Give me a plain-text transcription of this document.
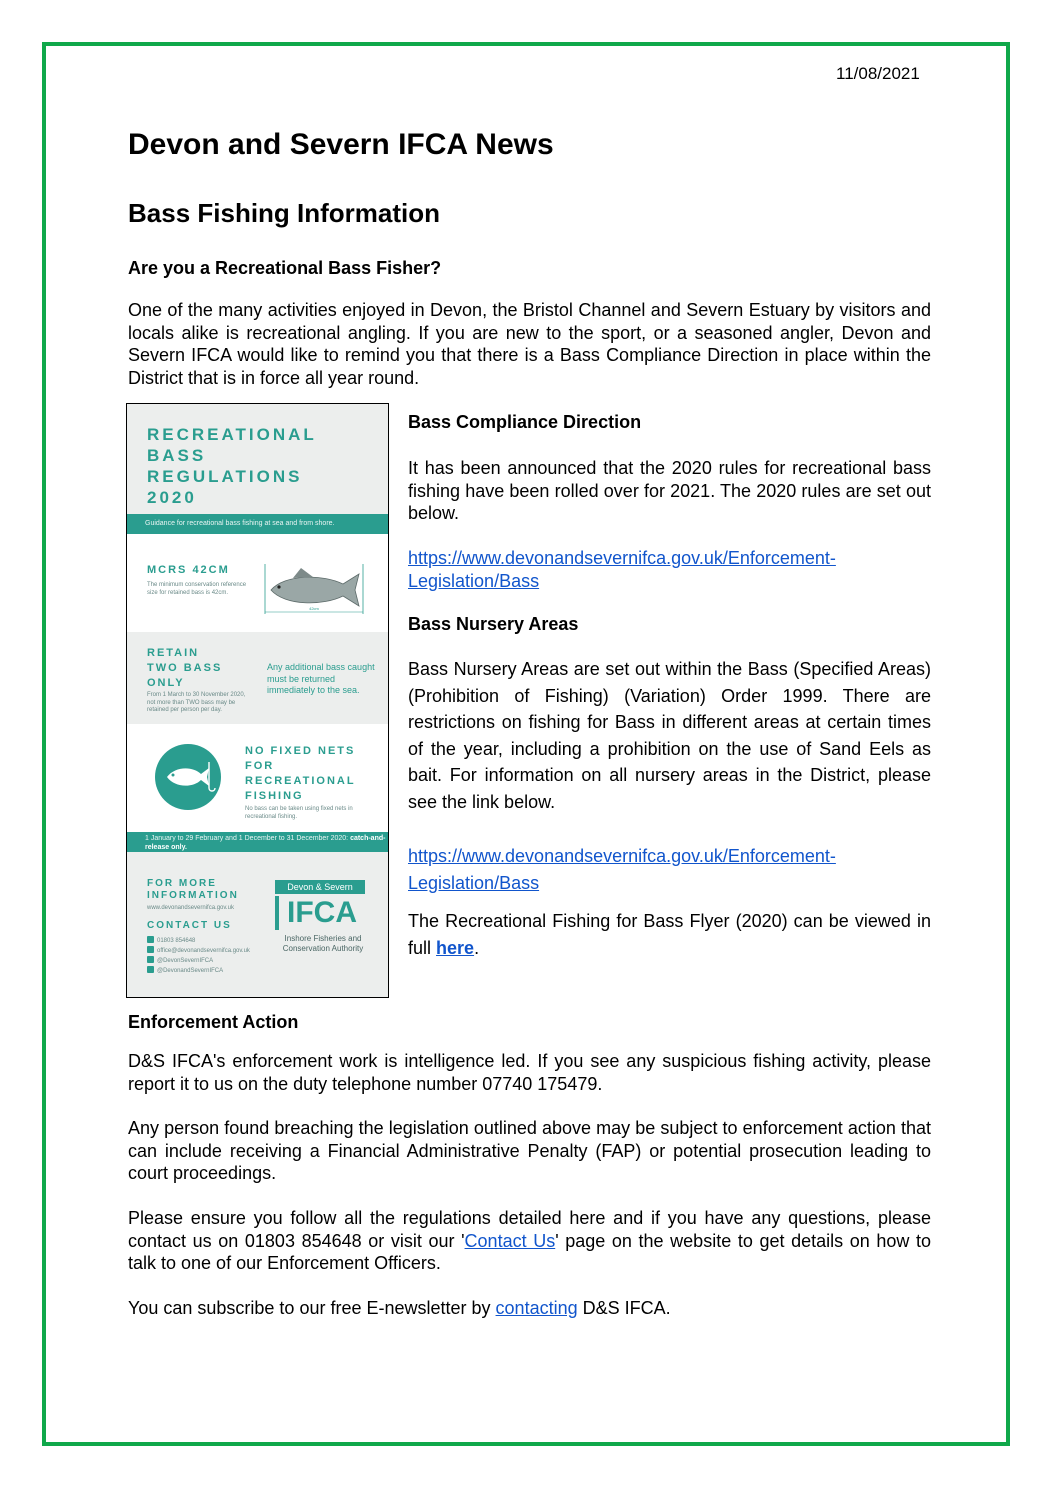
11/08/2021
Devon and Severn IFCA News
Bass Fishing Information
Are you a Recreational Bass Fisher?

One of the many activities enjoyed in Devon, the Bristol Channel and Severn Estuary by visitors and locals alike is recreational angling. If you are new to the sport, or a seasoned angler, Devon and Severn IFCA would like to remind you that there is a Bass Compliance Direction in place within the District that is in force all year round.

RECREATIONAL
BASS
REGULATIONS
2020
Guidance for recreational bass fishing at sea and from shore.
MCRS 42CM
The minimum conservation reference size for retained bass is 42cm.
42cm
RETAIN
TWO BASS
ONLY
From 1 March to 30 November 2020, not more than TWO bass may be retained per person per day.
Any additional bass caught must be returned immediately to the sea.
NO FIXED NETS
FOR
RECREATIONAL
FISHING
No bass can be taken using fixed nets in recreational fishing.
1 January to 29 February and 1 December to 31 December 2020: catch-and-release only.
FOR MORE
INFORMATION
www.devonandsevernifca.gov.uk
CONTACT US
01803 854648
office@devonandsevernifca.gov.uk
@DevonSevernIFCA
@DevonandSevernIFCA
Devon & Severn
IFCA
Inshore Fisheries and Conservation Authority
Bass Compliance Direction

It has been announced that the 2020 rules for recreational bass fishing have been rolled over for 2021. The 2020 rules are set out below.

https://www.devonandsevernifca.gov.uk/Enforcement-
Legislation/Bass

Bass Nursery Areas

Bass Nursery Areas are set out within the Bass (Specified Areas) (Prohibition of Fishing) (Variation) Order 1999. There are restrictions on fishing for Bass in different areas at certain times of the year, including a prohibition on the use of Sand Eels as bait. For information on all nursery areas in the District, please see the link below.

https://www.devonandsevernifca.gov.uk/Enforcement-
Legislation/Bass

The Recreational Fishing for Bass Flyer (2020) can be viewed in full here.

Enforcement Action

D&S IFCA's enforcement work is intelligence led. If you see any suspicious fishing activity, please report it to us on the duty telephone number 07740 175479.

Any person found breaching the legislation outlined above may be subject to enforcement action that can include receiving a Financial Administrative Penalty (FAP) or potential prosecution leading to court proceedings.

Please ensure you follow all the regulations detailed here and if you have any questions, please contact us on 01803 854648 or visit our 'Contact Us' page on the website to get details on how to talk to one of our Enforcement Officers.

You can subscribe to our free E-newsletter by contacting D&S IFCA.
